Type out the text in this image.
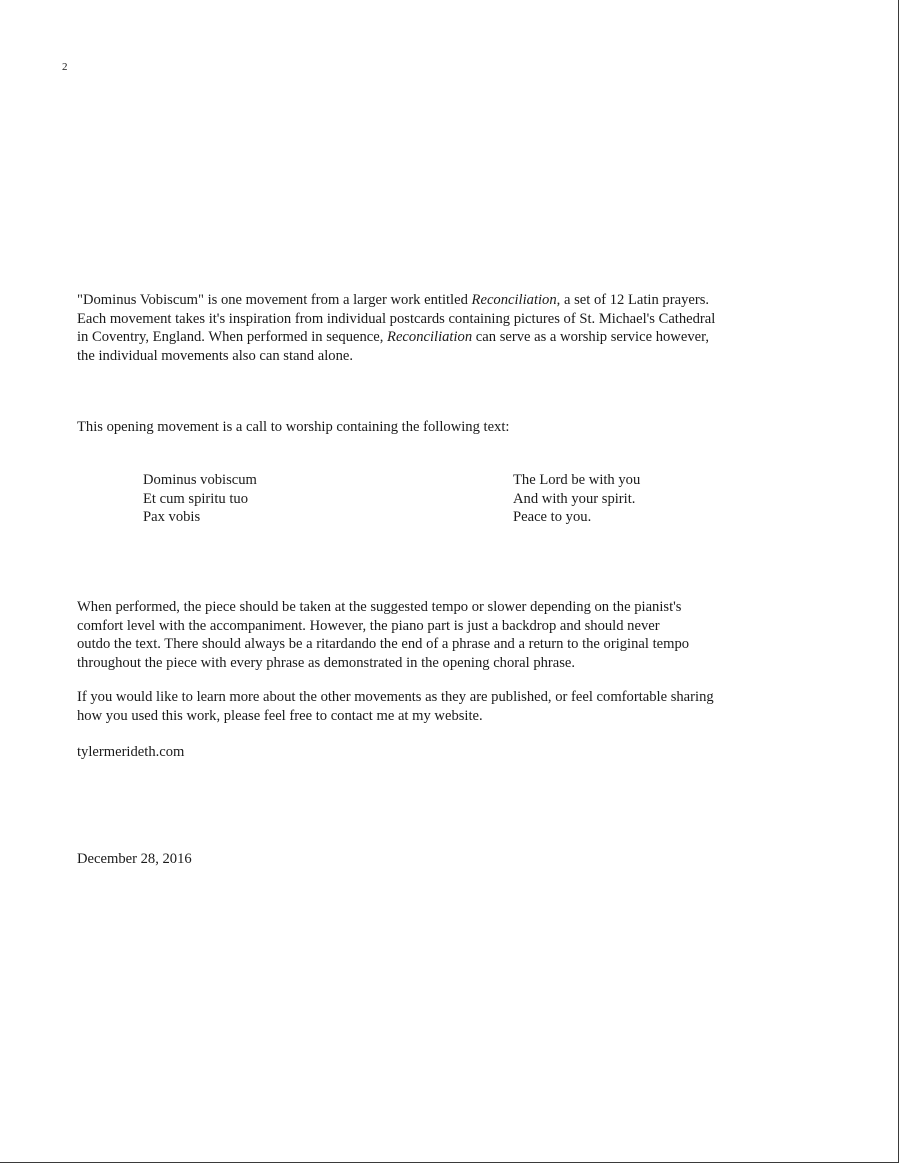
2
"Dominus Vobiscum" is one movement from a larger work entitled Reconciliation, a set of 12 Latin prayers.
Each movement takes it's inspiration from individual postcards containing pictures of St. Michael's Cathedral
in Coventry, England. When performed in sequence, Reconciliation can serve as a worship service however,
the individual movements also can stand alone.
This opening movement is a call to worship containing the following text:
Dominus vobiscum
Et cum spiritu tuo
Pax vobis
The Lord be with you
And with your spirit.
Peace to you.
When performed, the piece should be taken at the suggested tempo or slower depending on the pianist's
comfort level with the accompaniment. However, the piano part is just a backdrop and should never
outdo the text. There should always be a ritardando the end of a phrase and a return to the original tempo
throughout the piece with every phrase as demonstrated in the opening choral phrase.
If you would like to learn more about the other movements as they are published, or feel comfortable sharing
how you used this work, please feel free to contact me at my website.
tylermerideth.com
December 28, 2016
